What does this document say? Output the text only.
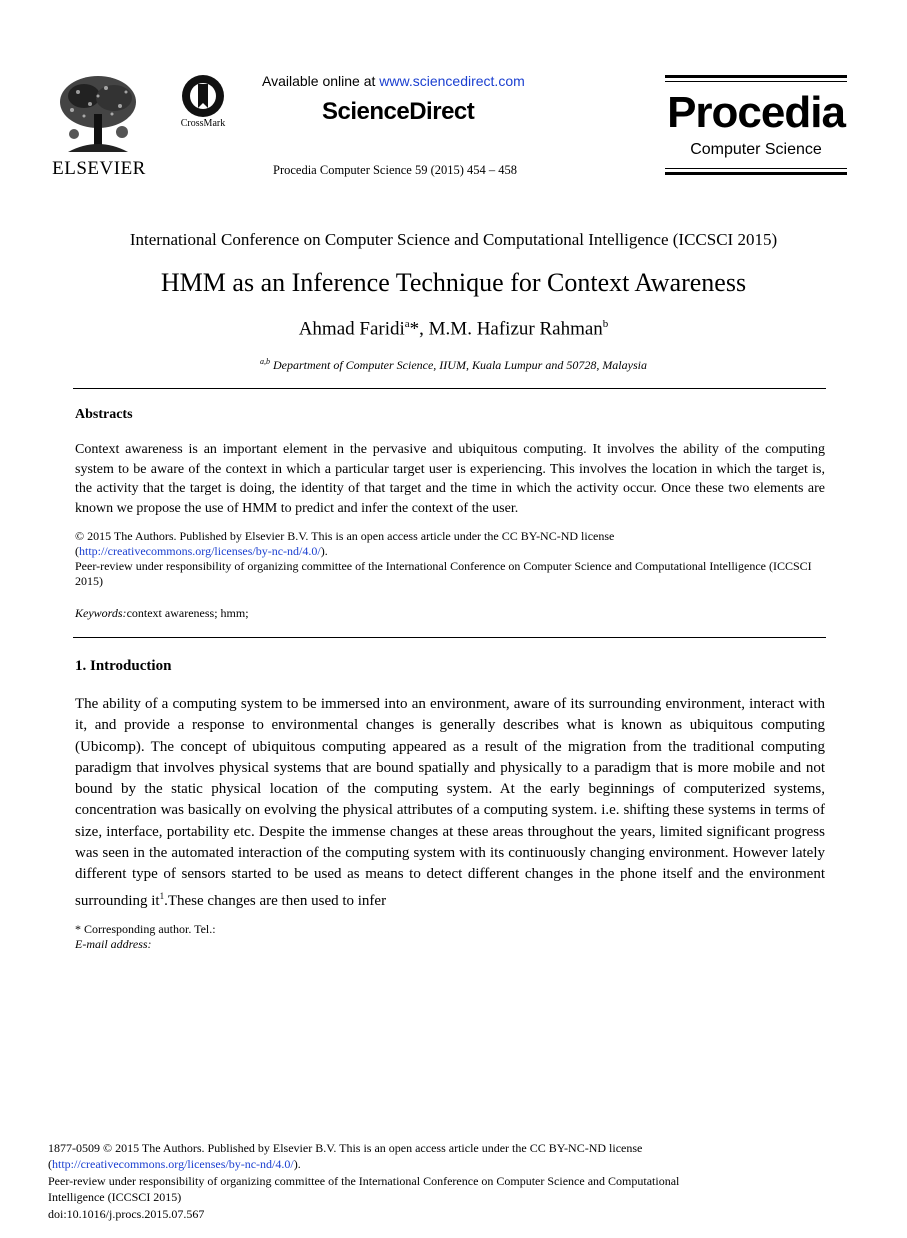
ELSEVIER
CrossMark
Available online at www.sciencedirect.com
ScienceDirect
Procedia Computer Science 59 (2015) 454 – 458
Procedia
Computer Science
International Conference on Computer Science and Computational Intelligence (ICCSCI 2015)
HMM as an Inference Technique for Context Awareness
Ahmad Faridi$^a$*, M.M. Hafizur Rahman$^b$
$^{a,b}$ Department of Computer Science, IIUM, Kuala Lumpur and 50728, Malaysia
Abstracts
Context awareness is an important element in the pervasive and ubiquitous computing. It involves the ability of the computing system to be aware of the context in which a particular target user is experiencing. This involves the location in which the target is, the activity that the target is doing, the identity of that target and the time in which the activity occur. Once these two elements are known we propose the use of HMM to predict and infer the context of the user.
© 2015 The Authors. Published by Elsevier B.V. This is an open access article under the CC BY-NC-ND license
(http://creativecommons.org/licenses/by-nc-nd/4.0/).
Peer-review under responsibility of organizing committee of the International Conference on Computer Science and Computational Intelligence (ICCSCI 2015)
Keywords:context awareness; hmm;
1. Introduction
The ability of a computing system to be immersed into an environment, aware of its surrounding environment, interact with it, and provide a response to environmental changes is generally describes what is known as ubiquitous computing (Ubicomp). The concept of ubiquitous computing appeared as a result of the migration from the traditional computing paradigm that involves physical systems that are bound spatially and physically to a paradigm that is more mobile and not bound by the static physical location of the computing system. At the early beginnings of computerized systems, concentration was basically on evolving the physical attributes of a computing system. i.e. shifting these systems in terms of size, interface, portability etc. Despite the immense changes at these areas throughout the years, limited significant progress was seen in the automated interaction of the computing system with its continuously changing environment. However lately different type of sensors started to be used as means to detect different changes in the phone itself and the environment surrounding $it^1.These$ changes are then used to infer
* Corresponding author. Tel.:
E-mail address:
1877-0509 © 2015 The Authors. Published by Elsevier B.V. This is an open access article under the CC BY-NC-ND license
(http://creativecommons.org/licenses/by-nc-nd/4.0/).
Peer-review under responsibility of organizing committee of the International Conference on Computer Science and Computational Intelligence (ICCSCI 2015)
doi:10.1016/j.procs.2015.07.567
